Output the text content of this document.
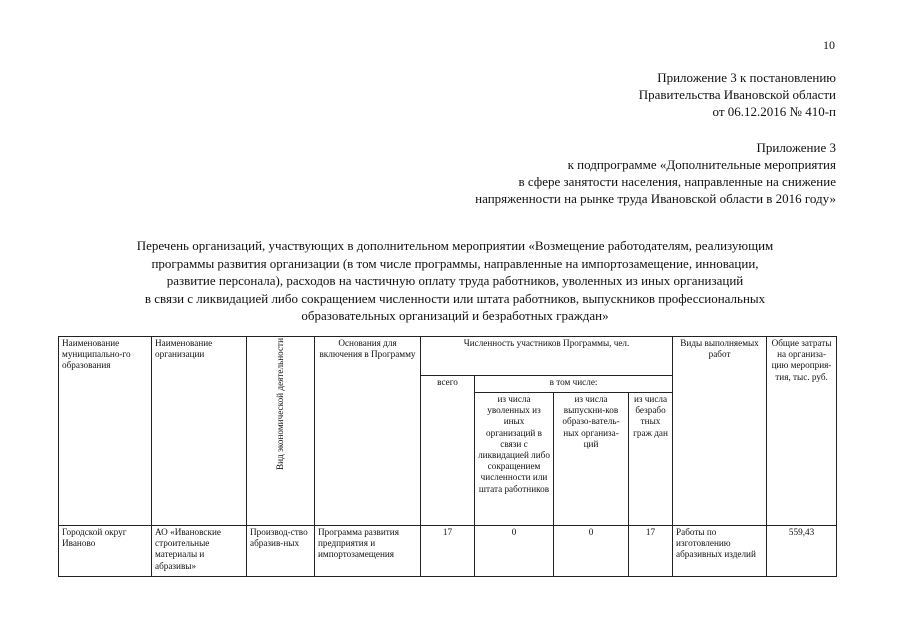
10
Приложение 3 к постановлению
Правительства Ивановской области
от 06.12.2016 № 410-п
Приложение 3
к подпрограмме «Дополнительные мероприятия
в сфере занятости населения, направленные на снижение
напряженности на рынке труда Ивановской области в 2016 году»
Перечень организаций, участвующих в дополнительном мероприятии «Возмещение работодателям, реализующим
программы развития организации (в том числе программы, направленные на импортозамещение, инновации,
развитие персонала), расходов на частичную оплату труда работников, уволенных из иных организаций
в связи с ликвидацией либо сокращением численности или штата работников, выпускников профессиональных
образовательных организаций и безработных граждан»
Наименование муниципально-го образования	Наименование организации	Вид экономической деятельности	Основания для включения в Программу	Численность участников Программы, чел.				Виды выполняемых работ	Общие затраты на организа-цию мероприя-тия, тыс. руб.
				всего	в том числе:				
					из числа уволенных из иных организаций в связи с ликвидацией либо сокращением численности или штата работников	из числа выпускни-ков образо-ватель-ных организа-ций	из числа безрабо тных граж дан		
Городской округ Иваново	АО «Ивановские строительные материалы и абразивы»	Производ-ство абразив-ных	Программа развития предприятия и импортозамещения	17	0	0	17	Работы по изготовлению абразивных изделий	559,43
